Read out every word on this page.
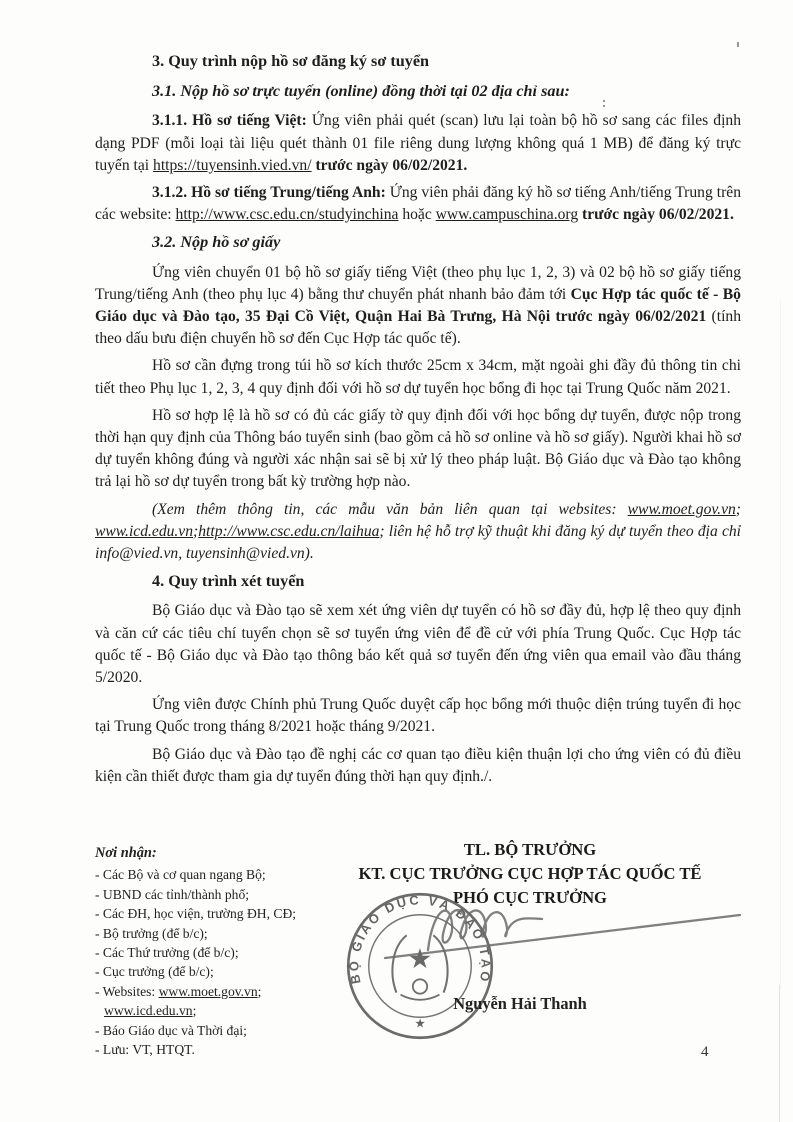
3. Quy trình nộp hồ sơ đăng ký sơ tuyển

3.1. Nộp hồ sơ trực tuyến (online) đồng thời tại 02 địa chỉ sau:

3.1.1. Hồ sơ tiếng Việt: Ứng viên phải quét (scan) lưu lại toàn bộ hồ sơ sang các files định dạng PDF (mỗi loại tài liệu quét thành 01 file riêng dung lượng không quá 1 MB) để đăng ký trực tuyến tại https://tuyensinh.vied.vn/ trước ngày 06/02/2021.

3.1.2. Hồ sơ tiếng Trung/tiếng Anh: Ứng viên phải đăng ký hồ sơ tiếng Anh/tiếng Trung trên các website: http://www.csc.edu.cn/studyinchina hoặc www.campuschina.org trước ngày 06/02/2021.

3.2. Nộp hồ sơ giấy

Ứng viên chuyển 01 bộ hồ sơ giấy tiếng Việt (theo phụ lục 1, 2, 3) và 02 bộ hồ sơ giấy tiếng Trung/tiếng Anh (theo phụ lục 4) bằng thư chuyển phát nhanh bảo đảm tới Cục Hợp tác quốc tế - Bộ Giáo dục và Đào tạo, 35 Đại Cồ Việt, Quận Hai Bà Trưng, Hà Nội trước ngày 06/02/2021 (tính theo dấu bưu điện chuyển hồ sơ đến Cục Hợp tác quốc tế).

Hồ sơ cần đựng trong túi hồ sơ kích thước 25cm x 34cm, mặt ngoài ghi đầy đủ thông tin chi tiết theo Phụ lục 1, 2, 3, 4 quy định đối với hồ sơ dự tuyển học bổng đi học tại Trung Quốc năm 2021.

Hồ sơ hợp lệ là hồ sơ có đủ các giấy tờ quy định đối với học bổng dự tuyển, được nộp trong thời hạn quy định của Thông báo tuyển sinh (bao gồm cả hồ sơ online và hồ sơ giấy). Người khai hồ sơ dự tuyển không đúng và người xác nhận sai sẽ bị xử lý theo pháp luật. Bộ Giáo dục và Đào tạo không trả lại hồ sơ dự tuyển trong bất kỳ trường hợp nào.

(Xem thêm thông tin, các mẫu văn bản liên quan tại websites: www.moet.gov.vn; www.icd.edu.vn;http://www.csc.edu.cn/laihua; liên hệ hỗ trợ kỹ thuật khi đăng ký dự tuyển theo địa chỉ info@vied.vn, tuyensinh@vied.vn).

4. Quy trình xét tuyển

Bộ Giáo dục và Đào tạo sẽ xem xét ứng viên dự tuyển có hồ sơ đầy đủ, hợp lệ theo quy định và căn cứ các tiêu chí tuyển chọn sẽ sơ tuyển ứng viên để đề cử với phía Trung Quốc. Cục Hợp tác quốc tế - Bộ Giáo dục và Đào tạo thông báo kết quả sơ tuyển đến ứng viên qua email vào đầu tháng 5/2020.

Ứng viên được Chính phủ Trung Quốc duyệt cấp học bổng mới thuộc diện trúng tuyển đi học tại Trung Quốc trong tháng 8/2021 hoặc tháng 9/2021.

Bộ Giáo dục và Đào tạo đề nghị các cơ quan tạo điều kiện thuận lợi cho ứng viên có đủ điều kiện cần thiết được tham gia dự tuyển đúng thời hạn quy định./.

Nơi nhận:
- Các Bộ và cơ quan ngang Bộ;
- UBND các tỉnh/thành phố;
- Các ĐH, học viện, trường ĐH, CĐ;
- Bộ trưởng (để b/c);
- Các Thứ trưởng (để b/c);
- Cục trưởng (để b/c);
- Websites: www.moet.gov.vn;
www.icd.edu.vn;
- Báo Giáo dục và Thời đại;
- Lưu: VT, HTQT.
TL. BỘ TRƯỞNG
KT. CỤC TRƯỞNG CỤC HỢP TÁC QUỐC TẾ
PHÓ CỤC TRƯỞNG
BỘ GIÁO DỤC VÀ ĐÀO TẠO
★
★
Nguyễn Hải Thanh
4
